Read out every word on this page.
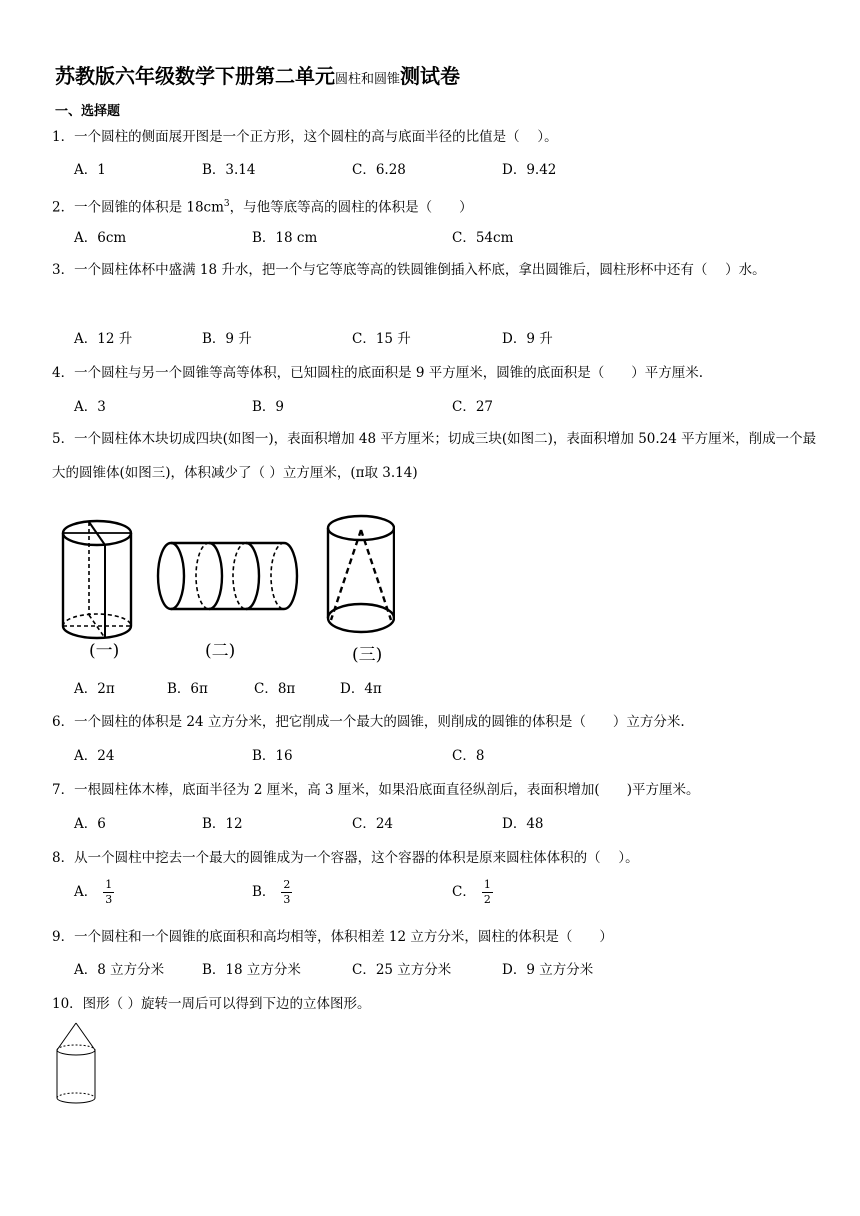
苏教版六年级数学下册第二单元圆柱和圆锥测试卷
一、选择题
1．一个圆柱的侧面展开图是一个正方形，这个圆柱的高与底面半径的比值是（　 ）。
A．1	B．3.14	C．6.28	D．9.42
2．一个圆锥的体积是 $18cm^3$，与他等底等高的圆柱的体积是（　　）
A．6cm	B．18 cm	C．54cm
3．一个圆柱体杯中盛满 18 升水，把一个与它等底等高的铁圆锥倒插入杯底，拿出圆锥后，圆柱形杯中还有（　 ）水。
A．12 升	B．9 升	C．15 升	D．9 升
4．一个圆柱与另一个圆锥等高等体积，已知圆柱的底面积是 9 平方厘米，圆锥的底面积是（　　）平方厘米.
A．3	B．9	C．27
5．一个圆柱体木块切成四块(如图一)，表面积增加 48 平方厘米；切成三块(如图二)，表面积增加 50.24 平方厘米，削成一个最大的圆锥体(如图三)，体积减少了（ ）立方厘米，(π取 3.14)
(一)	(二)	(三)
A．2π	B．6π	C．8π	D．4π
6．一个圆柱的体积是 24 立方分米，把它削成一个最大的圆锥，则削成的圆锥的体积是（　　）立方分米.
A．24	B．16	C．8
7．一根圆柱体木棒，底面半径为 2 厘米，高 3 厘米，如果沿底面直径纵剖后，表面积增加(　　)平方厘米。
A．6	B．12	C．24	D．48
8．从一个圆柱中挖去一个最大的圆锥成为一个容器，这个容器的体积是原来圆柱体体积的（　 ）。
A． $\frac{1}{3}$	B． $\frac{2}{3}$	C． $\frac{1}{2}$
9．一个圆柱和一个圆锥的底面积和高均相等，体积相差 12 立方分米，圆柱的体积是（　　）
A．8 立方分米	B．18 立方分米	C．25 立方分米	D．9 立方分米
10．图形（ ）旋转一周后可以得到下边的立体图形。
